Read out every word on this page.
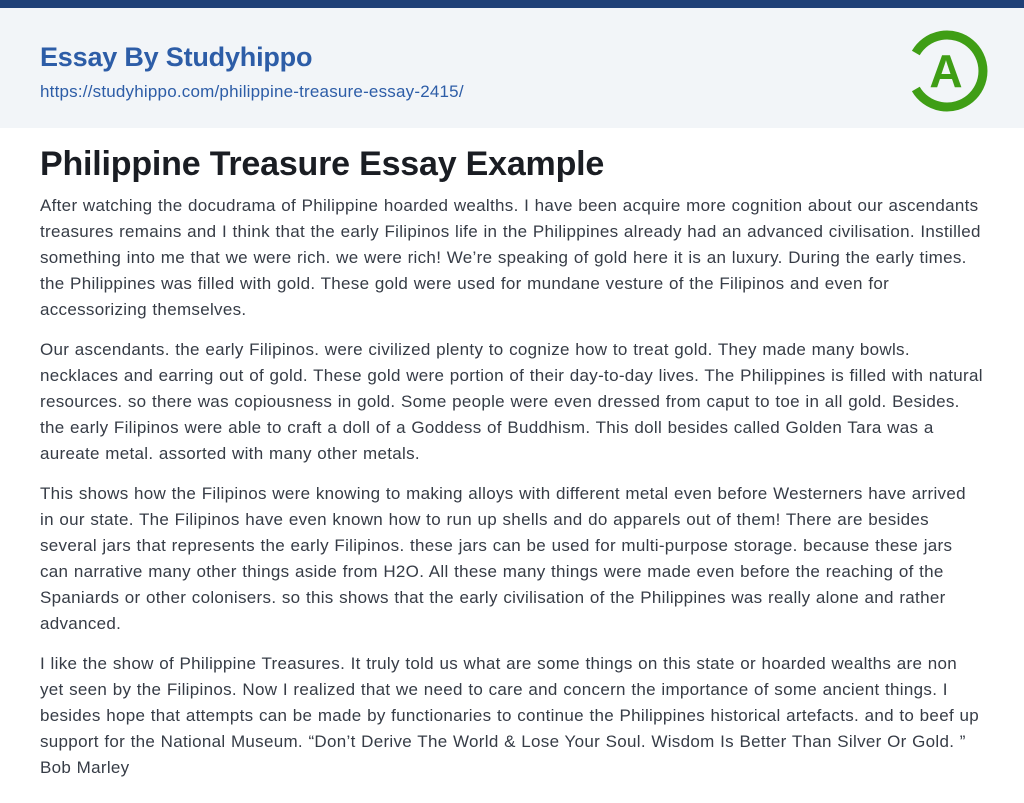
Essay By Studyhippo
https://studyhippo.com/philippine-treasure-essay-2415/	A
Philippine Treasure Essay Example

After watching the docudrama of Philippine hoarded wealths. I have been acquire more cognition about our ascendants treasures remains and I think that the early Filipinos life in the Philippines already had an advanced civilisation. Instilled something into me that we were rich. we were rich! We’re speaking of gold here it is an luxury. During the early times. the Philippines was filled with gold. These gold were used for mundane vesture of the Filipinos and even for accessorizing themselves.

Our ascendants. the early Filipinos. were civilized plenty to cognize how to treat gold. They made many bowls. necklaces and earring out of gold. These gold were portion of their day-to-day lives. The Philippines is filled with natural resources. so there was copiousness in gold. Some people were even dressed from caput to toe in all gold. Besides. the early Filipinos were able to craft a doll of a Goddess of Buddhism. This doll besides called Golden Tara was a aureate metal. assorted with many other metals.

This shows how the Filipinos were knowing to making alloys with different metal even before Westerners have arrived in our state. The Filipinos have even known how to run up shells and do apparels out of them! There are besides several jars that represents the early Filipinos. these jars can be used for multi-purpose storage. because these jars can narrative many other things aside from H2O. All these many things were made even before the reaching of the Spaniards or other colonisers. so this shows that the early civilisation of the Philippines was really alone and rather advanced.

I like the show of Philippine Treasures. It truly told us what are some things on this state or hoarded wealths are non yet seen by the Filipinos. Now I realized that we need to care and concern the importance of some ancient things. I besides hope that attempts can be made by functionaries to continue the Philippines historical artefacts. and to beef up support for the National Museum. “Don’t Derive The World & Lose Your Soul. Wisdom Is Better Than Silver Or Gold. ” Bob Marley
